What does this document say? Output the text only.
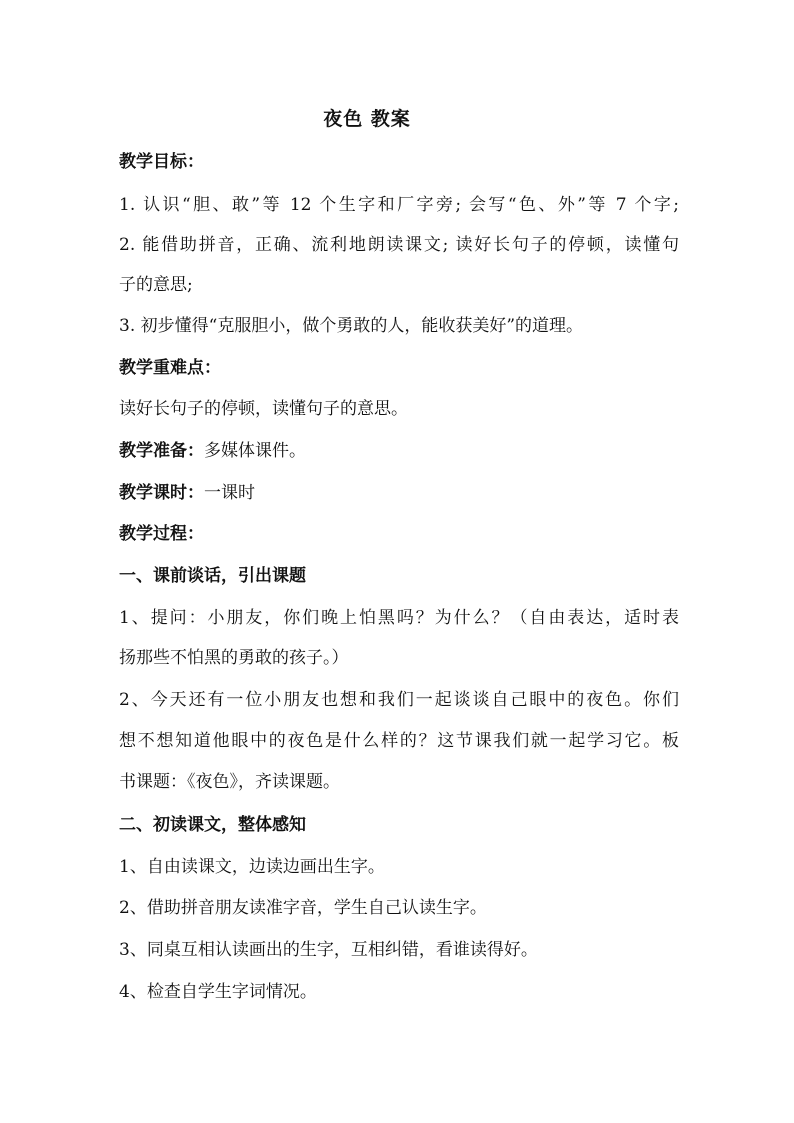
夜色 教案
教学目标：
1. 认识“胆、敢”等 12 个生字和厂字旁; 会写“色、外”等 7 个字;
2. 能借助拼音，正确、流利地朗读课文; 读好长句子的停顿，读懂句
子的意思;
3. 初步懂得“克服胆小，做个勇敢的人，能收获美好”的道理。
教学重难点：
读好长句子的停顿，读懂句子的意思。
教学准备：多媒体课件。
教学课时：一课时
教学过程：
一、课前谈话，引出课题
1、提问：小朋友，你们晚上怕黑吗？为什么？（自由表达，适时表
扬那些不怕黑的勇敢的孩子。）
2、今天还有一位小朋友也想和我们一起谈谈自己眼中的夜色。你们
想不想知道他眼中的夜色是什么样的？这节课我们就一起学习它。板
书课题：《夜色》，齐读课题。
二、初读课文，整体感知
1、自由读课文，边读边画出生字。
2、借助拼音朋友读准字音，学生自己认读生字。
3、同桌互相认读画出的生字，互相纠错，看谁读得好。
4、检查自学生字词情况。
